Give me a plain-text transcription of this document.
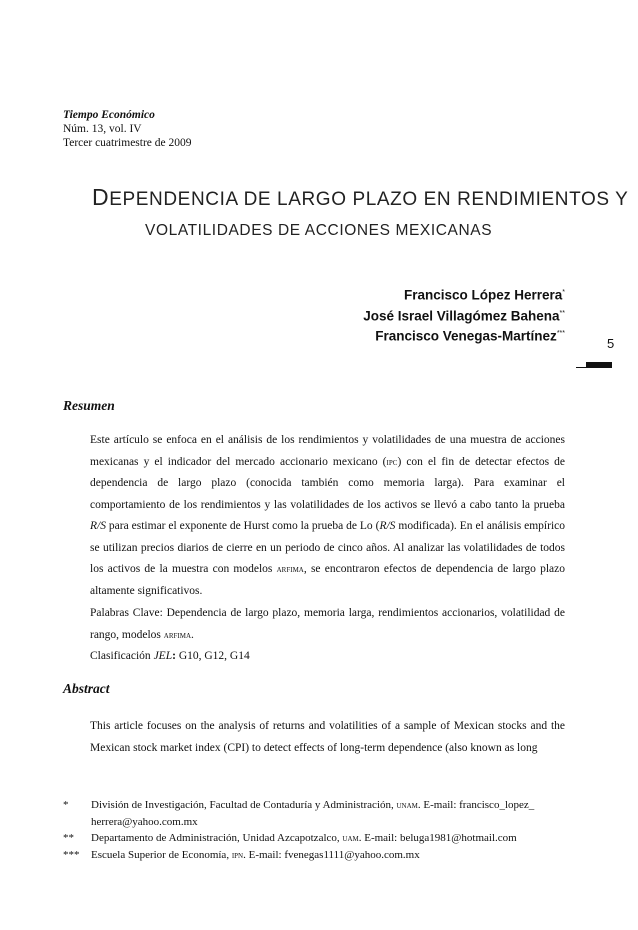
Tiempo Económico
Núm. 13, vol. IV
Tercer cuatrimestre de 2009
DEPENDENCIA DE LARGO PLAZO EN RENDIMIENTOS Y
VOLATILIDADES DE ACCIONES MEXICANAS
Francisco López Herrera*
José Israel Villagómez Bahena**
Francisco Venegas-Martínez***
5
Resumen
Este artículo se enfoca en el análisis de los rendimientos y volatilidades de una muestra de acciones mexicanas y el indicador del mercado accionario mexicano (ipc) con el fin de detectar efectos de dependencia de largo plazo (conocida también como memoria larga). Para examinar el comportamiento de los rendimientos y las volatilidades de los activos se llevó a cabo tanto la prueba R/S para estimar el exponente de Hurst como la prueba de Lo (R/S modificada). En el análisis empírico se utilizan precios diarios de cierre en un periodo de cinco años. Al analizar las volatilidades de todos los activos de la muestra con modelos arfima, se encontraron efectos de dependencia de largo plazo altamente significativos.
Palabras Clave: Dependencia de largo plazo, memoria larga, rendimientos accionarios, volatilidad de rango, modelos arfima.
Clasificación JEL: G10, G12, G14
Abstract
This article focuses on the analysis of returns and volatilities of a sample of Mexican stocks and the Mexican stock market index (CPI) to detect effects of long-term dependence (also known as long
*	División de Investigación, Facultad de Contaduría y Administración, unam. E-mail: francisco_lopez_ herrera@yahoo.com.mx
**	Departamento de Administración, Unidad Azcapotzalco, uam. E-mail: beluga1981@hotmail.com
***	Escuela Superior de Economía, ipn. E-mail: fvenegas1111@yahoo.com.mx
